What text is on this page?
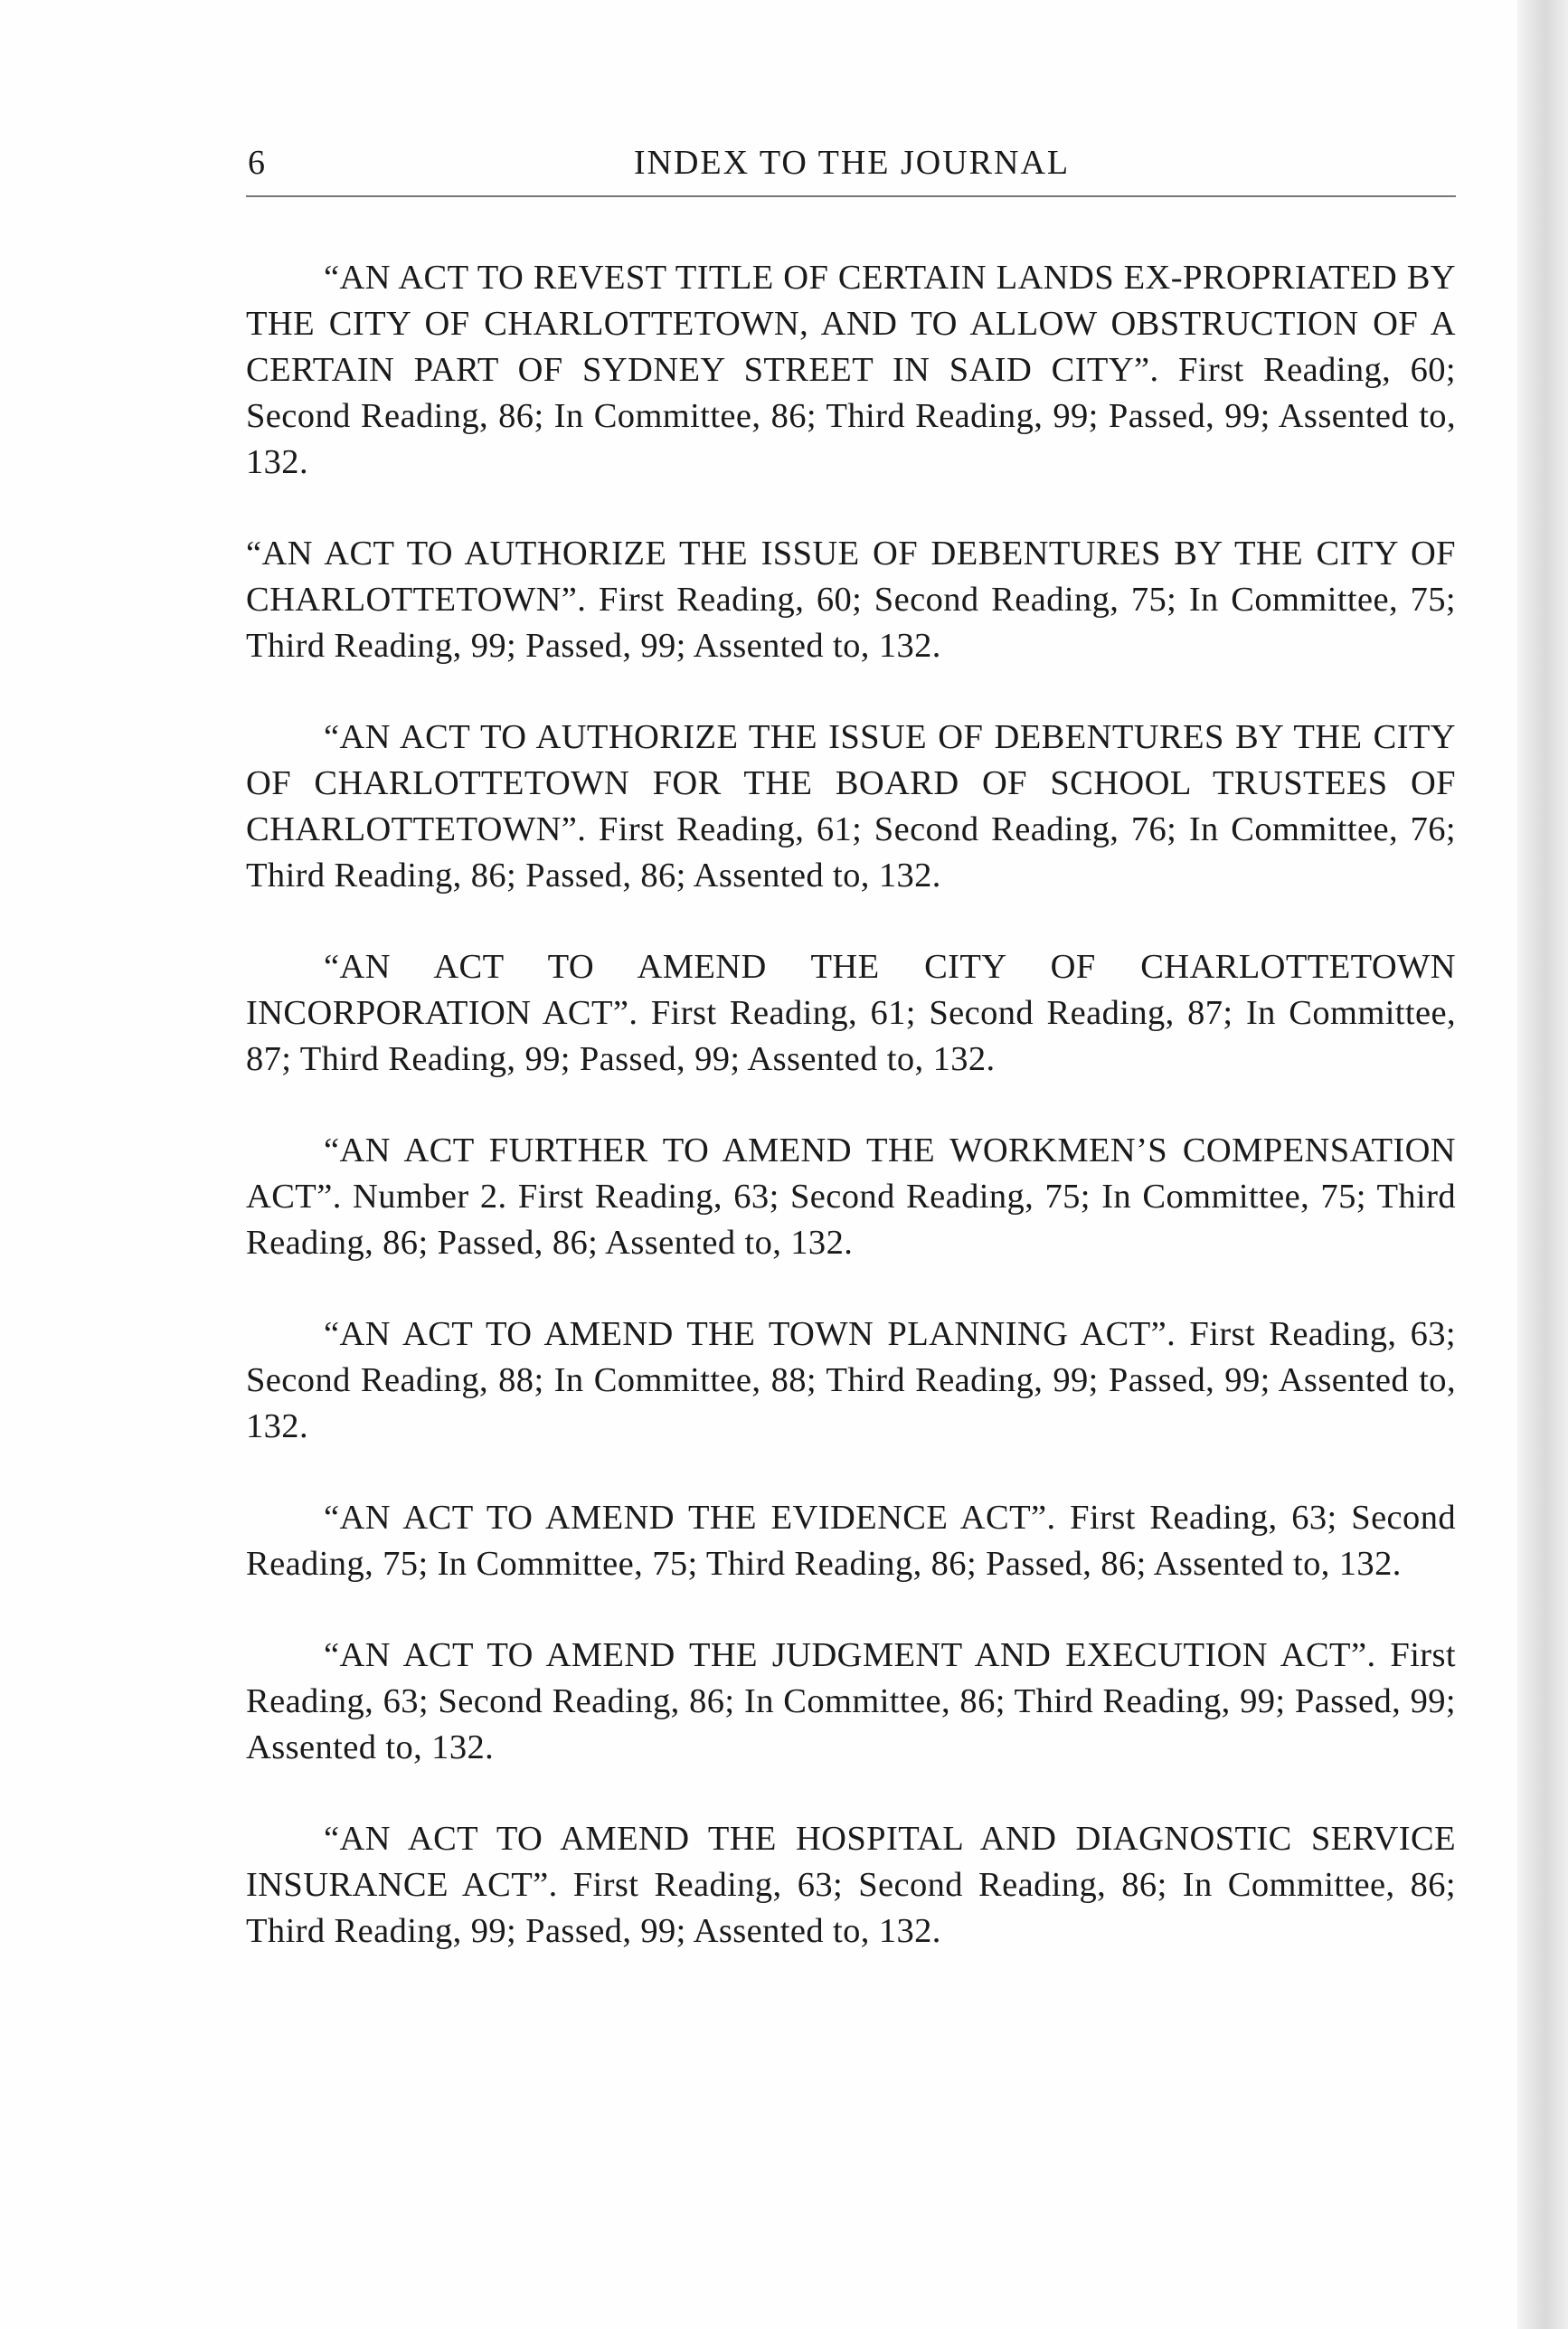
INDEX TO THE JOURNAL
6

“AN ACT TO REVEST TITLE OF CERTAIN LANDS EX-PROPRIATED BY THE CITY OF CHARLOTTETOWN, AND TO ALLOW OBSTRUCTION OF A CERTAIN PART OF SYDNEY STREET IN SAID CITY”. First Reading, 60; Second Reading, 86; In Committee, 86; Third Reading, 99; Passed, 99; Assented to, 132.

“AN ACT TO AUTHORIZE THE ISSUE OF DEBENTURES BY THE CITY OF CHARLOTTETOWN”. First Reading, 60; Second Reading, 75; In Committee, 75; Third Reading, 99; Passed, 99; Assented to, 132.

“AN ACT TO AUTHORIZE THE ISSUE OF DEBENTURES BY THE CITY OF CHARLOTTETOWN FOR THE BOARD OF SCHOOL TRUSTEES OF CHARLOTTETOWN”. First Reading, 61; Second Reading, 76; In Committee, 76; Third Reading, 86; Passed, 86; Assented to, 132.

“AN ACT TO AMEND THE CITY OF CHARLOTTETOWN INCORPORATION ACT”. First Reading, 61; Second Reading, 87; In Committee, 87; Third Reading, 99; Passed, 99; Assented to, 132.

“AN ACT FURTHER TO AMEND THE WORKMEN’S COMPENSATION ACT”. Number 2. First Reading, 63; Second Reading, 75; In Committee, 75; Third Reading, 86; Passed, 86; Assented to, 132.

“AN ACT TO AMEND THE TOWN PLANNING ACT”. First Reading, 63; Second Reading, 88; In Committee, 88; Third Reading, 99; Passed, 99; Assented to, 132.

“AN ACT TO AMEND THE EVIDENCE ACT”. First Reading, 63; Second Reading, 75; In Committee, 75; Third Reading, 86; Passed, 86; Assented to, 132.

“AN ACT TO AMEND THE JUDGMENT AND EXECUTION ACT”. First Reading, 63; Second Reading, 86; In Committee, 86; Third Reading, 99; Passed, 99; Assented to, 132.

“AN ACT TO AMEND THE HOSPITAL AND DIAGNOSTIC SERVICE INSURANCE ACT”. First Reading, 63; Second Reading, 86; In Committee, 86; Third Reading, 99; Passed, 99; Assented to, 132.
